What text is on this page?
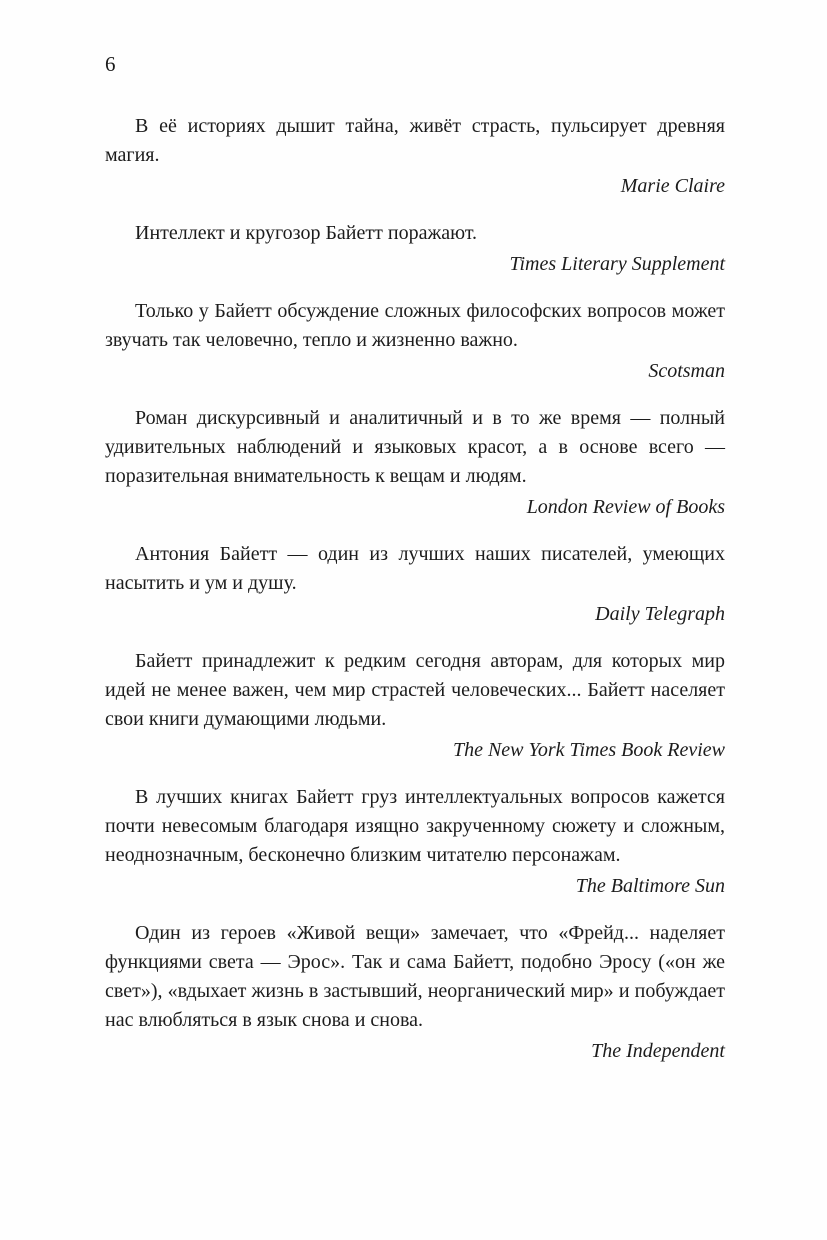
6

В её историях дышит тайна, живёт страсть, пульсирует древняя магия.

Marie Claire

Интеллект и кругозор Байетт поражают.

Times Literary Supplement

Только у Байетт обсуждение сложных философских вопросов может звучать так человечно, тепло и жизненно важно.

Scotsman

Роман дискурсивный и аналитичный и в то же время — полный удивительных наблюдений и языковых красот, а в основе всего — поразительная внимательность к вещам и людям.

London Review of Books

Антония Байетт — один из лучших наших писателей, умеющих насытить и ум и душу.

Daily Telegraph

Байетт принадлежит к редким сегодня авторам, для которых мир идей не менее важен, чем мир страстей человеческих... Байетт населяет свои книги думающими людьми.

The New York Times Book Review

В лучших книгах Байетт груз интеллектуальных вопросов кажется почти невесомым благодаря изящно закрученному сюжету и сложным, неоднозначным, бесконечно близким читателю персонажам.

The Baltimore Sun

Один из героев «Живой вещи» замечает, что «Фрейд... наделяет функциями света — Эрос». Так и сама Байетт, подобно Эросу («он же свет»), «вдыхает жизнь в застывший, неорганический мир» и побуждает нас влюбляться в язык снова и снова.

The Independent
